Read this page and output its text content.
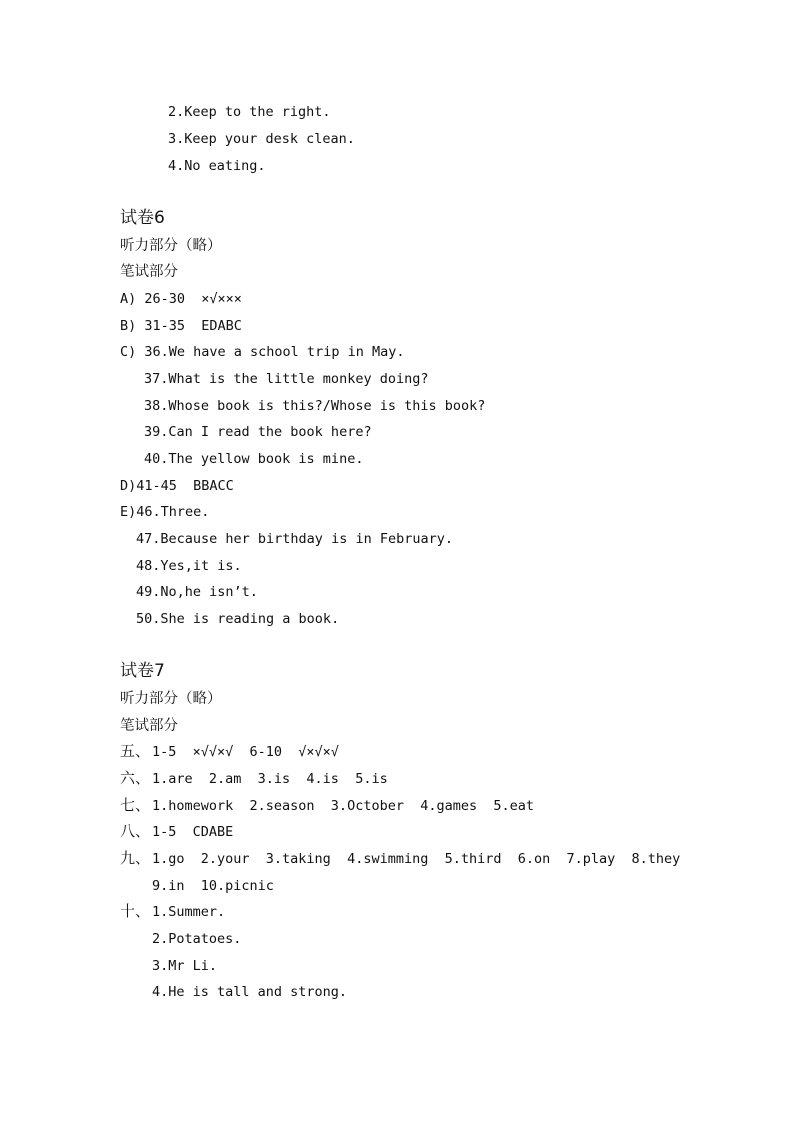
2.Keep to the right.
3.Keep your desk clean.
4.No eating.
试卷6
听力部分（略）
笔试部分
A) 26-30  ×√×××
B) 31-35  EDABC
C) 36.We have a school trip in May.
37.What is the little monkey doing?
38.Whose book is this?/Whose is this book?
39.Can I read the book here?
40.The yellow book is mine.
D)41-45  BBACC
E)46.Three.
47.Because her birthday is in February.
48.Yes,it is.
49.No,he isn’t.
50.She is reading a book.
试卷7
听力部分（略）
笔试部分
五、 1-5  ×√√×√  6-10  √×√×√
六、 1.are  2.am  3.is  4.is  5.is
七、 1.homework  2.season  3.October  4.games  5.eat
八、 1-5  CDABE
九、 1.go  2.your  3.taking  4.swimming  5.third  6.on  7.play  8.they
9.in  10.picnic
十、 1.Summer.
2.Potatoes.
3.Mr Li.
4.He is tall and strong.
